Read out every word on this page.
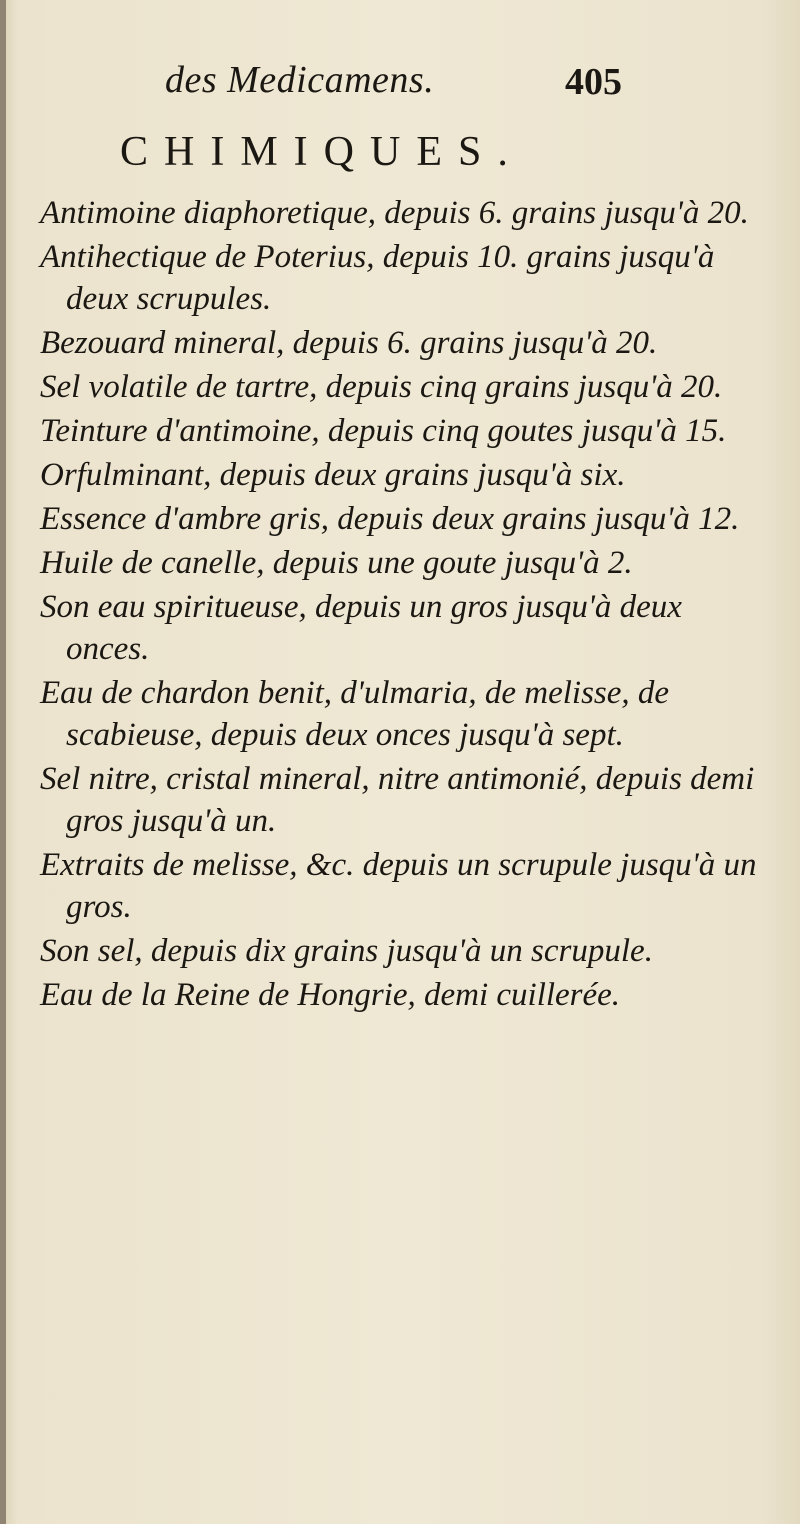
des Medicamens.	405
CHIMIQUES.
Antimoine diaphoretique, depuis 6. grains jusqu'à 20.
Antihectique de Poterius, depuis 10. grains jusqu'à deux scrupules.
Bezouard mineral, depuis 6. grains jusqu'à 20.
Sel volatile de tartre, depuis cinq grains jusqu'à 20.
Teinture d'antimoine, depuis cinq goutes jusqu'à 15.
Orfulminant, depuis deux grains jusqu'à six.
Essence d'ambre gris, depuis deux grains jusqu'à 12.
Huile de canelle, depuis une goute jusqu'à 2.
Son eau spiritueuse, depuis un gros jusqu'à deux onces.
Eau de chardon benit, d'ulmaria, de melisse, de scabieuse, depuis deux onces jusqu'à sept.
Sel nitre, cristal mineral, nitre antimonié, depuis demi gros jusqu'à un.
Extraits de melisse, &c. depuis un scrupule jusqu'à un gros.
Son sel, depuis dix grains jusqu'à un scrupule.
Eau de la Reine de Hongrie, demi cuillerée.
